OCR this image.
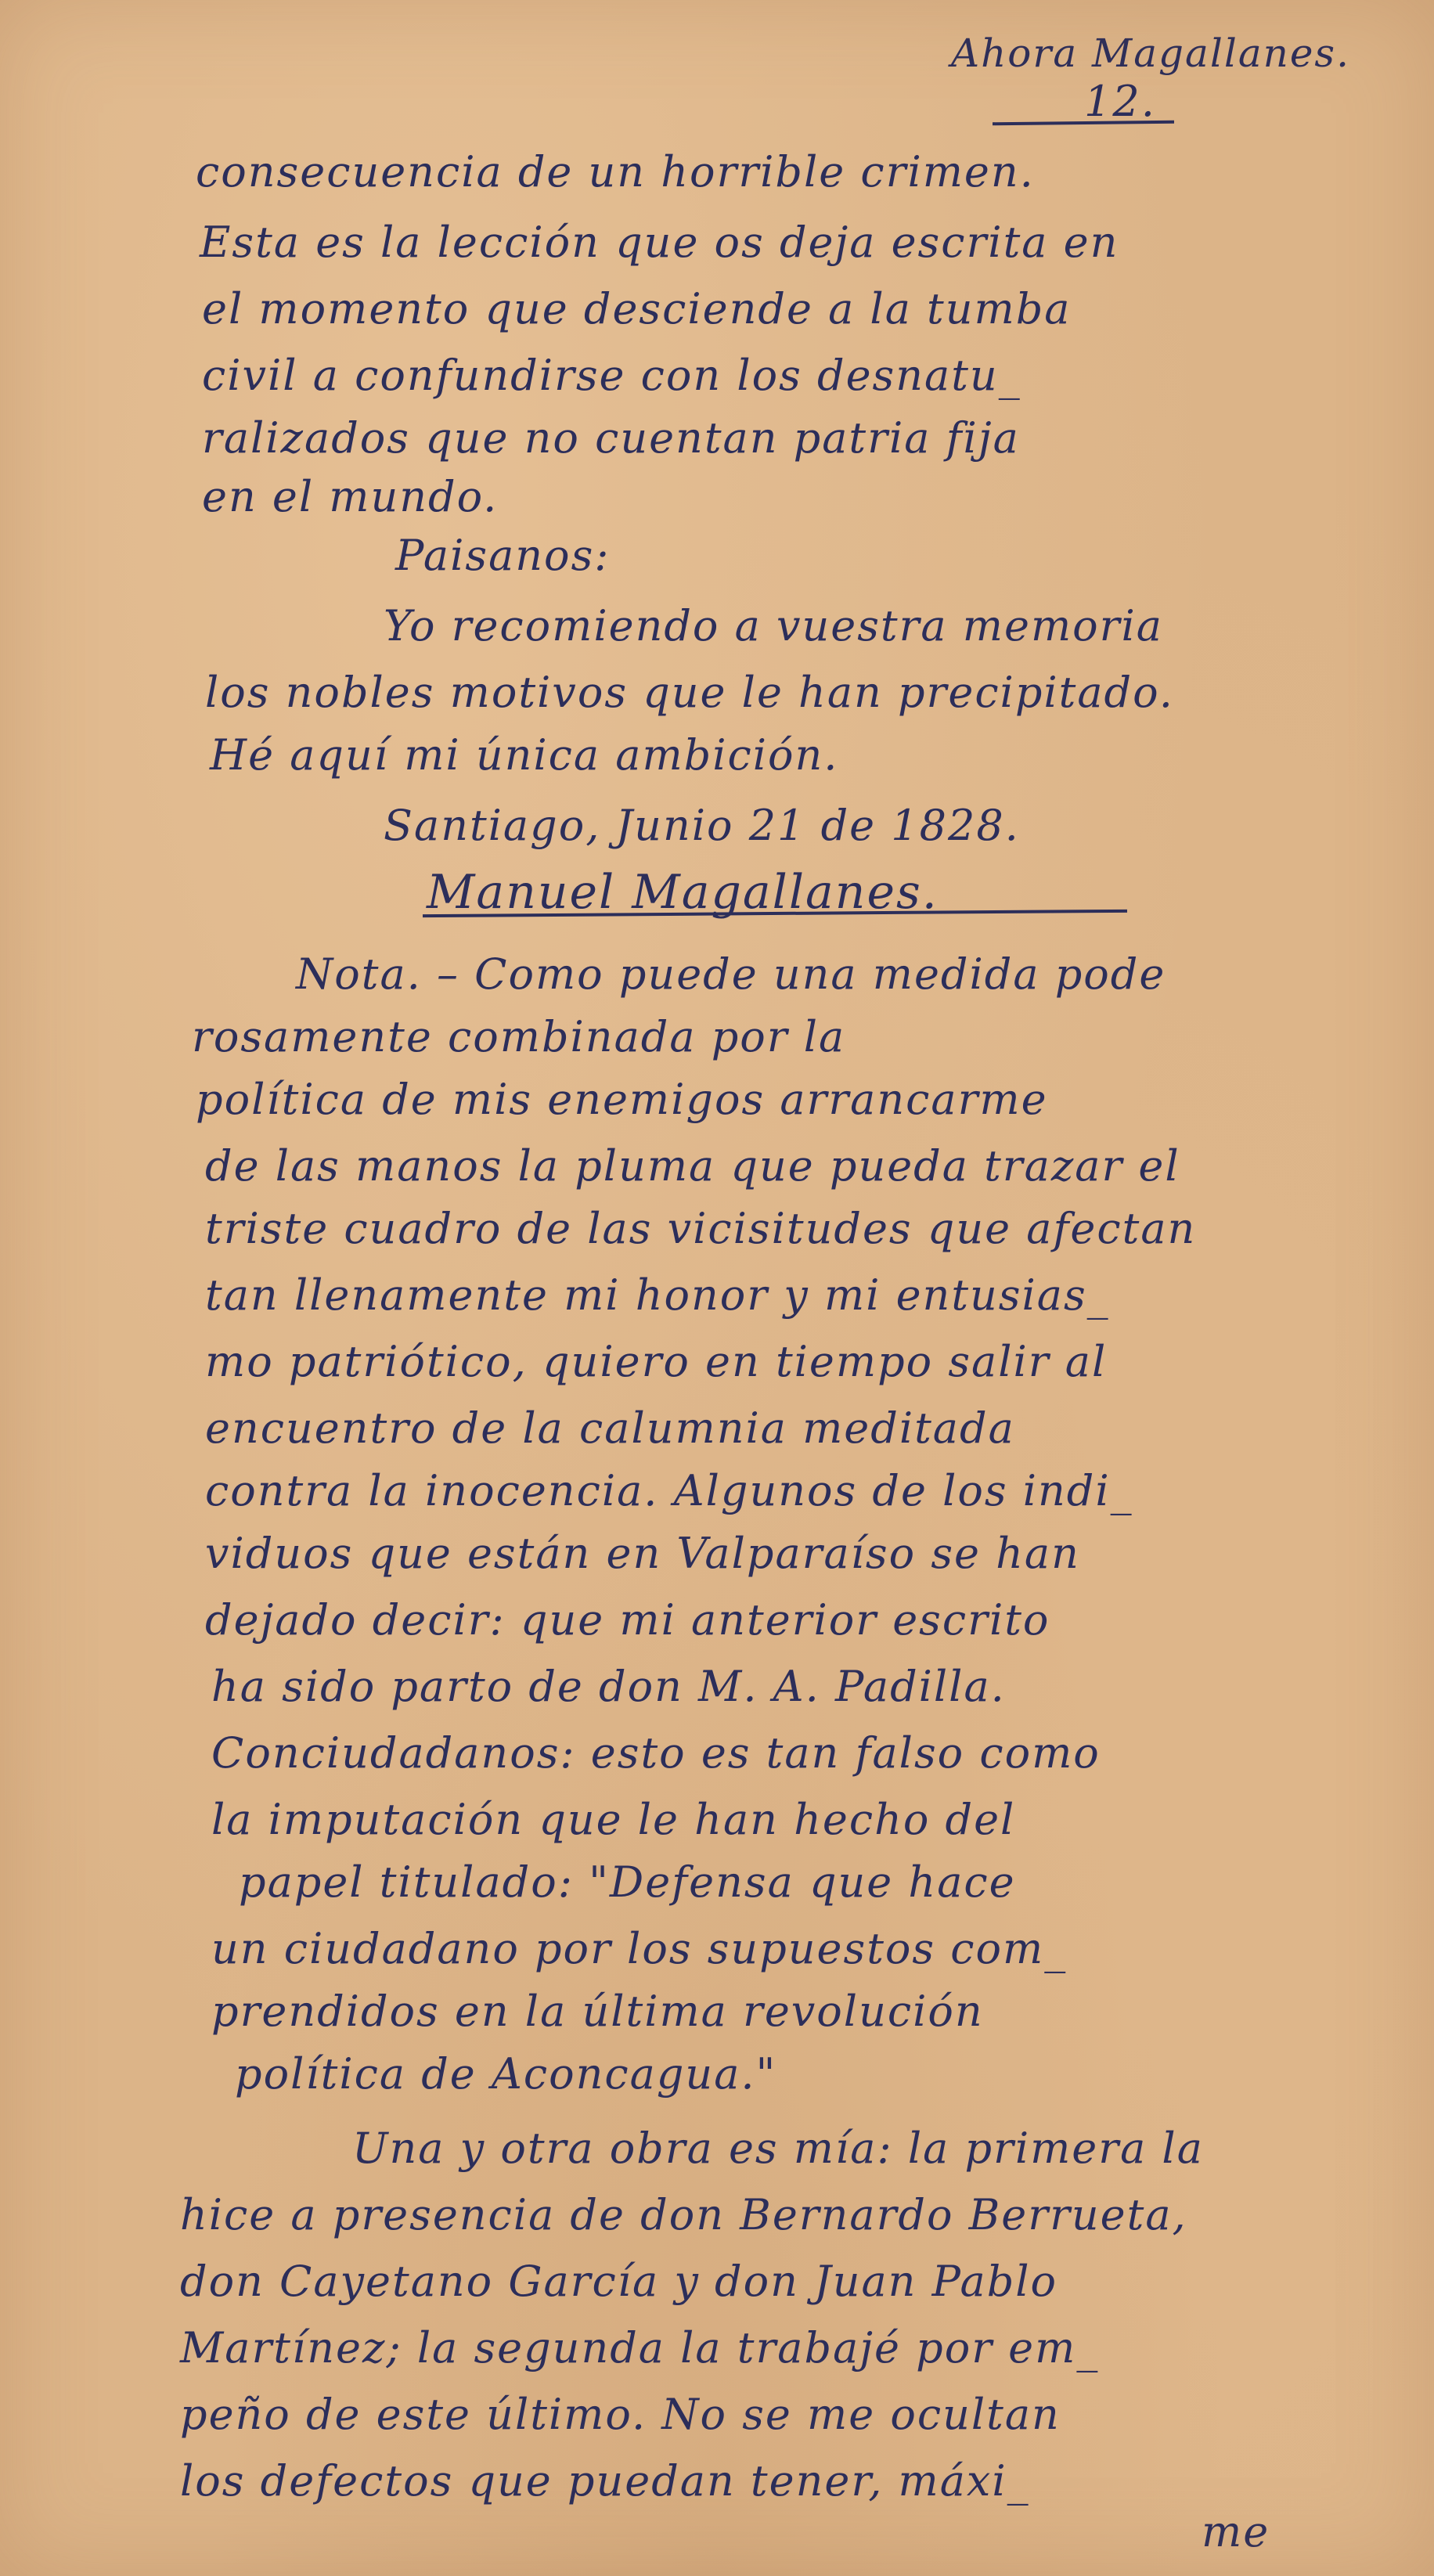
Ahora Magallanes.
12.
consecuencia de un horrible crimen.
Esta es la lección que os deja escrita en
el momento que desciende a la tumba
civil a confundirse con los desnatu_
ralizados que no cuentan patria fija
en el mundo.
Paisanos:
Yo recomiendo a vuestra memoria
los nobles motivos que le han precipitado.
Hé aquí mi única ambición.
Santiago, Junio 21 de 1828.
Manuel Magallanes.
Nota. – Como puede una medida pode
rosamente combinada por la
política de mis enemigos arrancarme
de las manos la pluma que pueda trazar el
triste cuadro de las vicisitudes que afectan
tan llenamente mi honor y mi entusias_
mo patriótico, quiero en tiempo salir al
encuentro de la calumnia meditada
contra la inocencia. Algunos de los indi_
viduos que están en Valparaíso se han
dejado decir: que mi anterior escrito
ha sido parto de don M. A. Padilla.
Conciudadanos: esto es tan falso como
la imputación que le han hecho del
papel titulado: "Defensa que hace
un ciudadano por los supuestos com_
prendidos en la última revolución
política de Aconcagua."
Una y otra obra es mía: la primera la
hice a presencia de don Bernardo Berrueta,
don Cayetano García y don Juan Pablo
Martínez; la segunda la trabajé por em_
peño de este último. No se me ocultan
los defectos que puedan tener, máxi_
me
